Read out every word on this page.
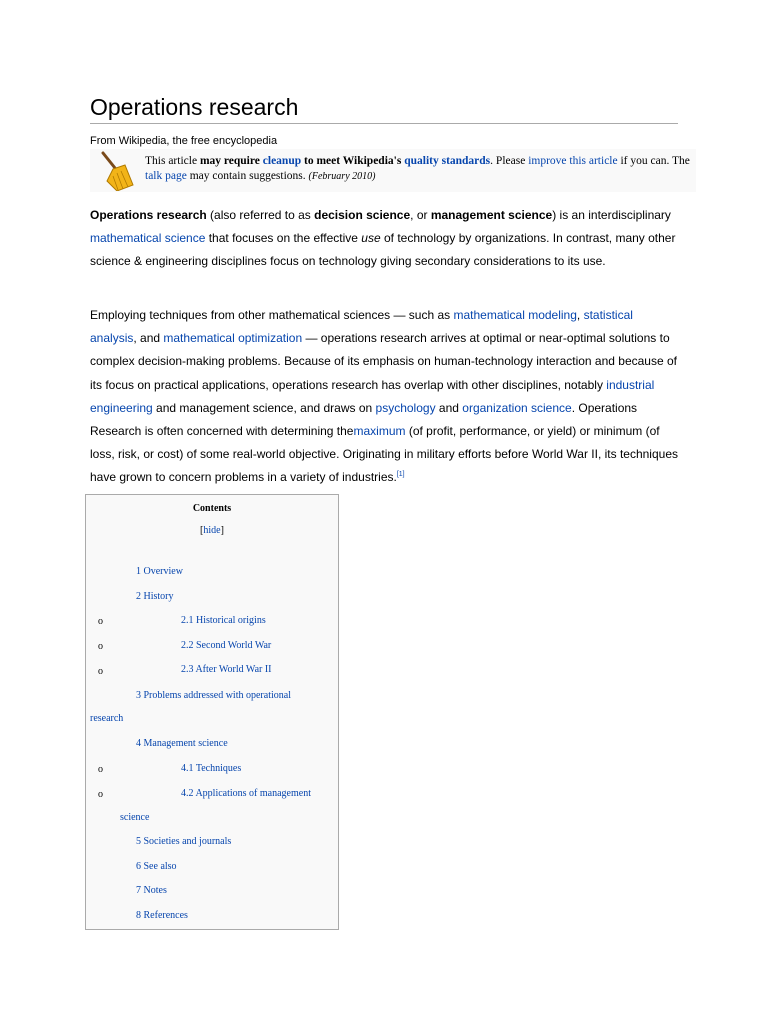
Operations research
From Wikipedia, the free encyclopedia
This article may require cleanup to meet Wikipedia's quality standards. Please improve this article if you can. The talk page may contain suggestions. (February 2010)
Operations research (also referred to as decision science, or management science) is an interdisciplinary mathematical science that focuses on the effective use of technology by organizations. In contrast, many other science & engineering disciplines focus on technology giving secondary considerations to its use.
Employing techniques from other mathematical sciences — such as mathematical modeling, statistical analysis, and mathematical optimization — operations research arrives at optimal or near-optimal solutions to complex decision-making problems. Because of its emphasis on human-technology interaction and because of its focus on practical applications, operations research has overlap with other disciplines, notably industrial engineering and management science, and draws on psychology and organization science. Operations Research is often concerned with determining themaximum (of profit, performance, or yield) or minimum (of loss, risk, or cost) of some real-world objective. Originating in military efforts before World War II, its techniques have grown to concern problems in a variety of industries.[1]
Contents
[hide]
1 Overview
2 History
o	2.1 Historical origins
o	2.2 Second World War
o	2.3 After World War II
3 Problems addressed with operational
research
4 Management science
o	4.1 Techniques
o	4.2 Applications of management
science
5 Societies and journals
6 See also
7 Notes
8 References
